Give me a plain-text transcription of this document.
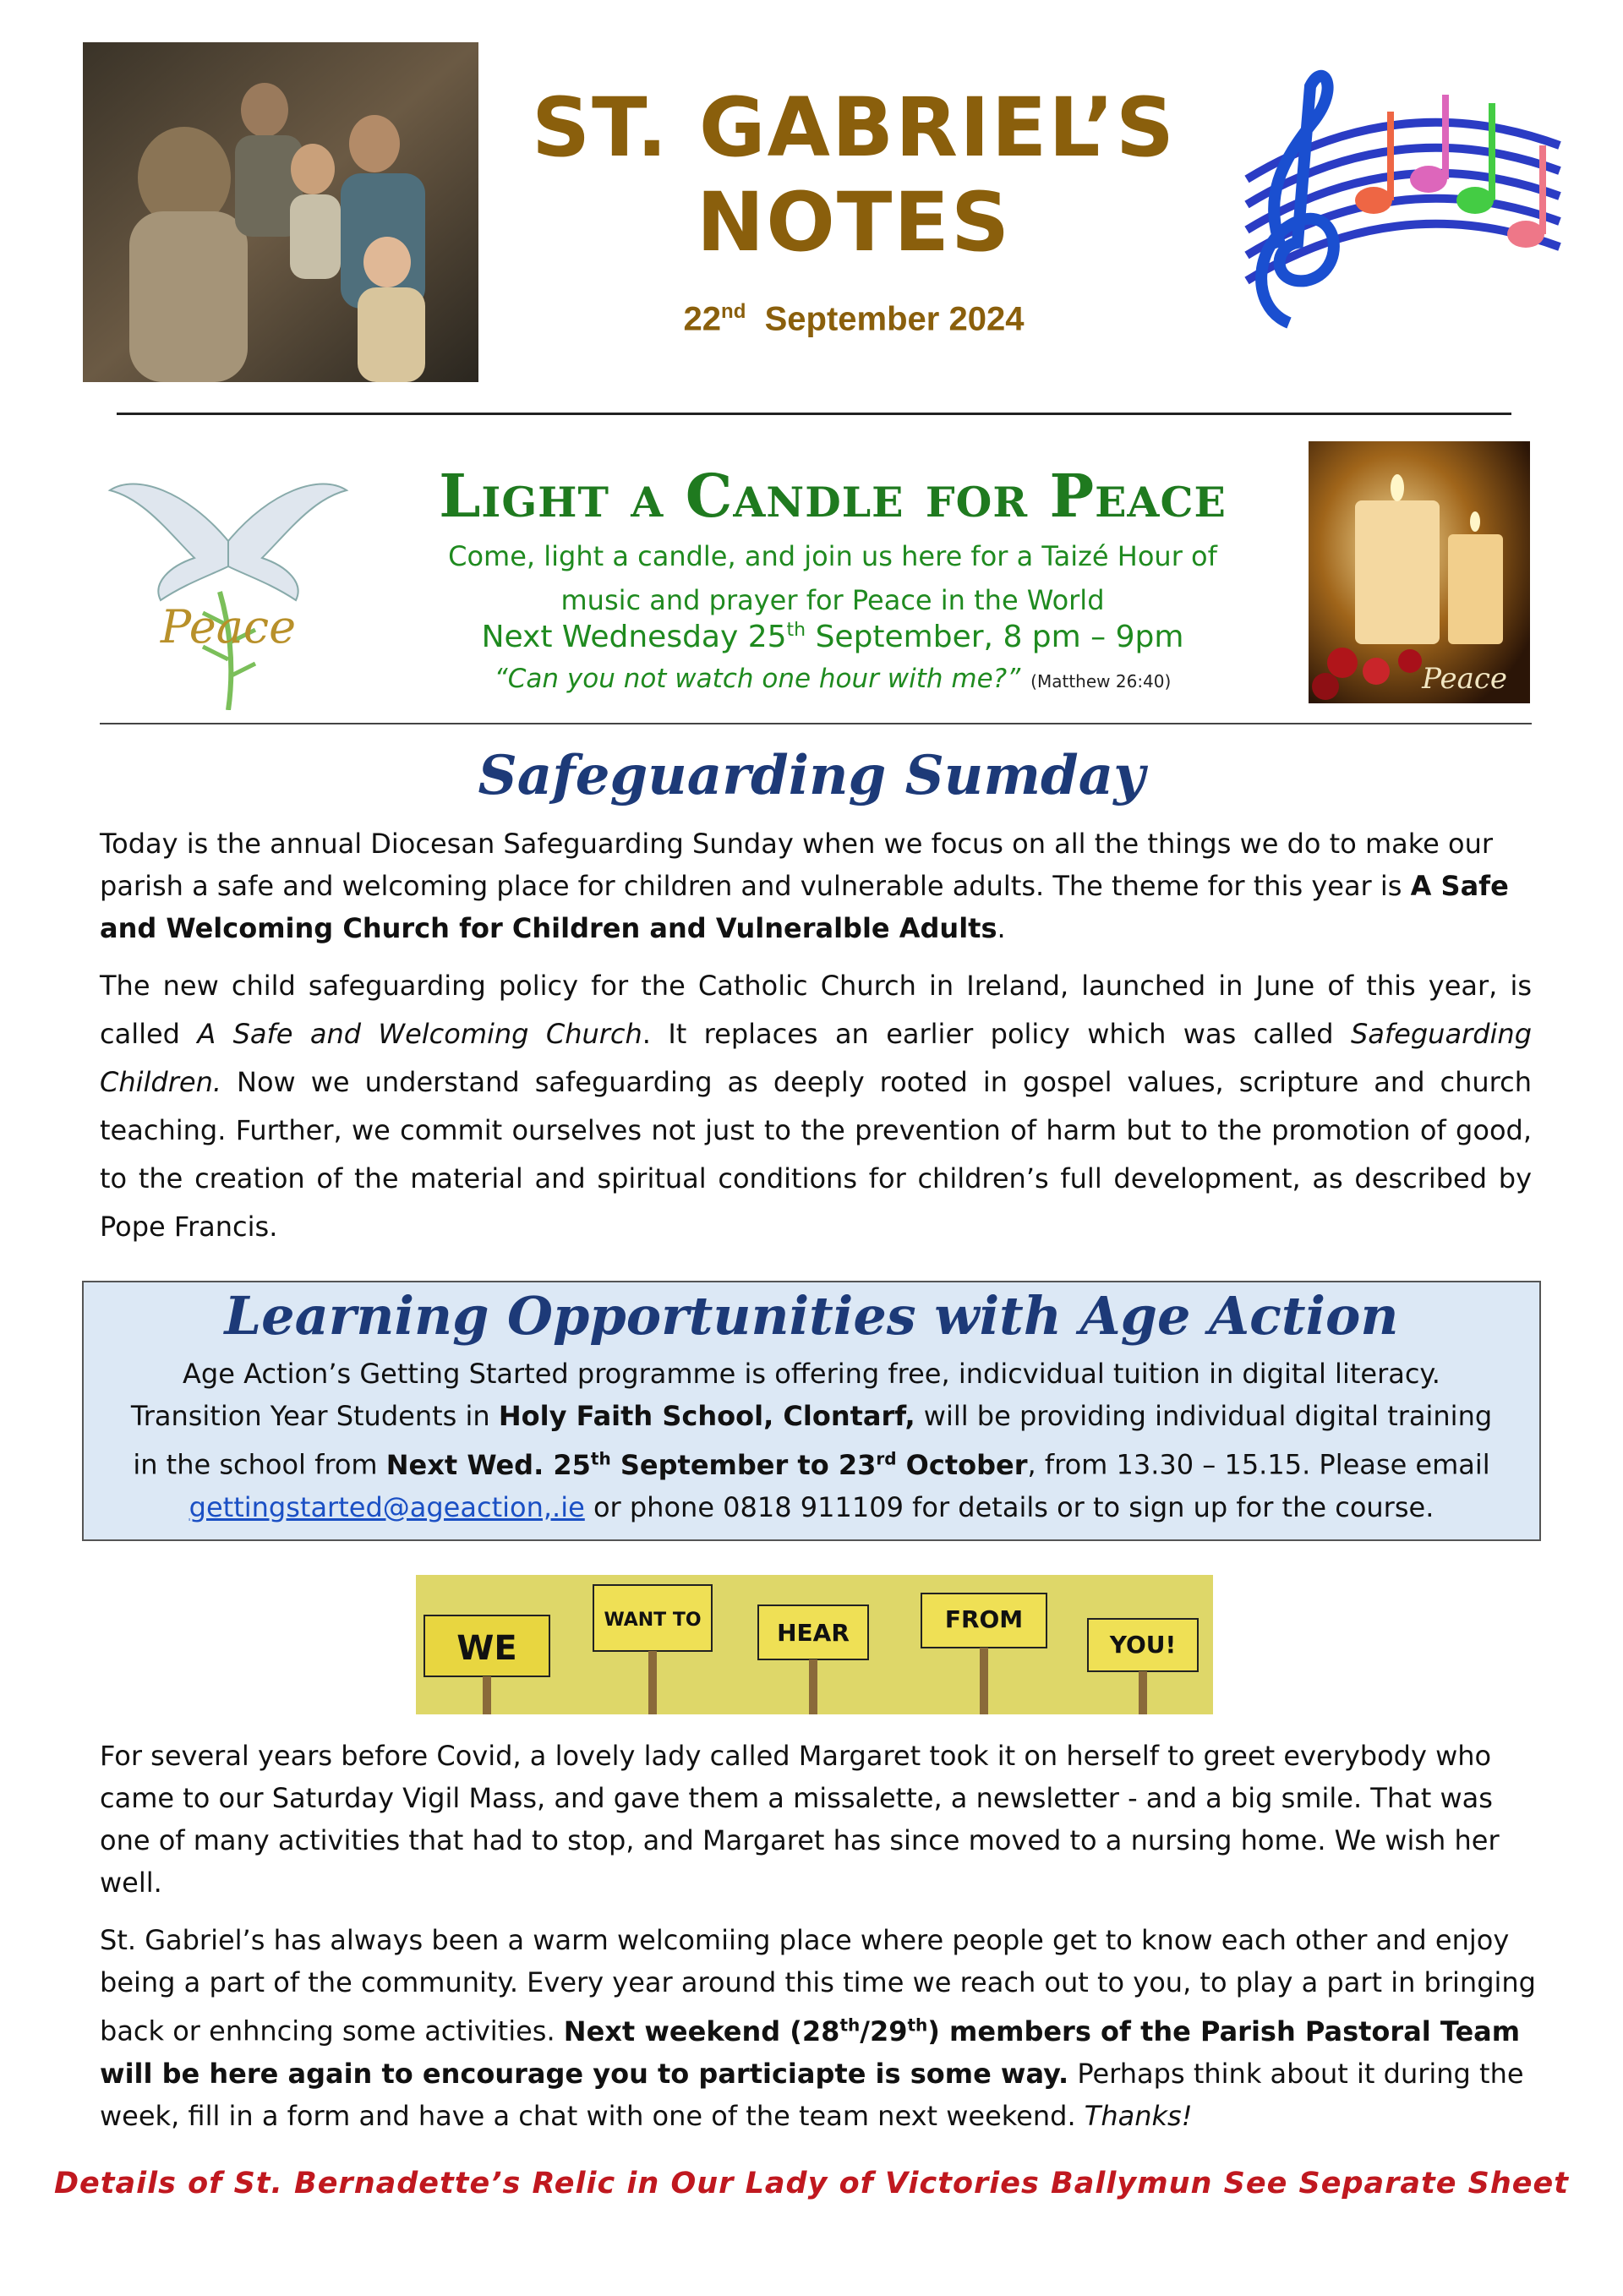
ST. GABRIEL’S
NOTES
22nd September 2024
Peace
Peace
Light a Candle for Peace
Come, light a candle, and join us here for a Taizé Hour of
music and prayer for Peace in the World
Next Wednesday 25th September, 8 pm – 9pm
“Can you not watch one hour with me?” (Matthew 26:40)
Safeguarding Sumday
Today is the annual Diocesan Safeguarding Sunday when we focus on all the things we do to make our parish a safe and welcoming place for children and vulnerable adults. The theme for this year is A Safe and Welcoming Church for Children and Vulneralble Adults.
The new child safeguarding policy for the Catholic Church in Ireland, launched in June of this year, is called A Safe and Welcoming Church. It replaces an earlier policy which was called Safeguarding Children. Now we understand safeguarding as deeply rooted in gospel values, scripture and church teaching. Further, we commit ourselves not just to the prevention of harm but to the promotion of good, to the creation of the material and spiritual conditions for children’s full development, as described by Pope Francis.
Learning Opportunities with Age Action
Age Action’s Getting Started programme is offering free, indicvidual tuition in digital literacy.
Transition Year Students in Holy Faith School, Clontarf, will be providing individual digital training
in the school from Next Wed. 25th September to 23rd October, from 13.30 – 15.15. Please email
gettingstarted@ageaction,.ie or phone 0818 911109 for details or to sign up for the course.
WE
WANT TO	HEAR	FROM
YOU!
For several years before Covid, a lovely lady called Margaret took it on herself to greet everybody who came to our Saturday Vigil Mass, and gave them a missalette, a newsletter - and a big smile. That was one of many activities that had to stop, and Margaret has since moved to a nursing home. We wish her well.
St. Gabriel’s has always been a warm welcomiing place where people get to know each other and enjoy being a part of the community. Every year around this time we reach out to you, to play a part in bringing back or enhncing some activities. Next weekend (28th/29th) members of the Parish Pastoral Team will be here again to encourage you to particiapte is some way. Perhaps think about it during the week, fill in a form and have a chat with one of the team next weekend. Thanks!
Details of St. Bernadette’s Relic in Our Lady of Victories Ballymun See Separate Sheet
